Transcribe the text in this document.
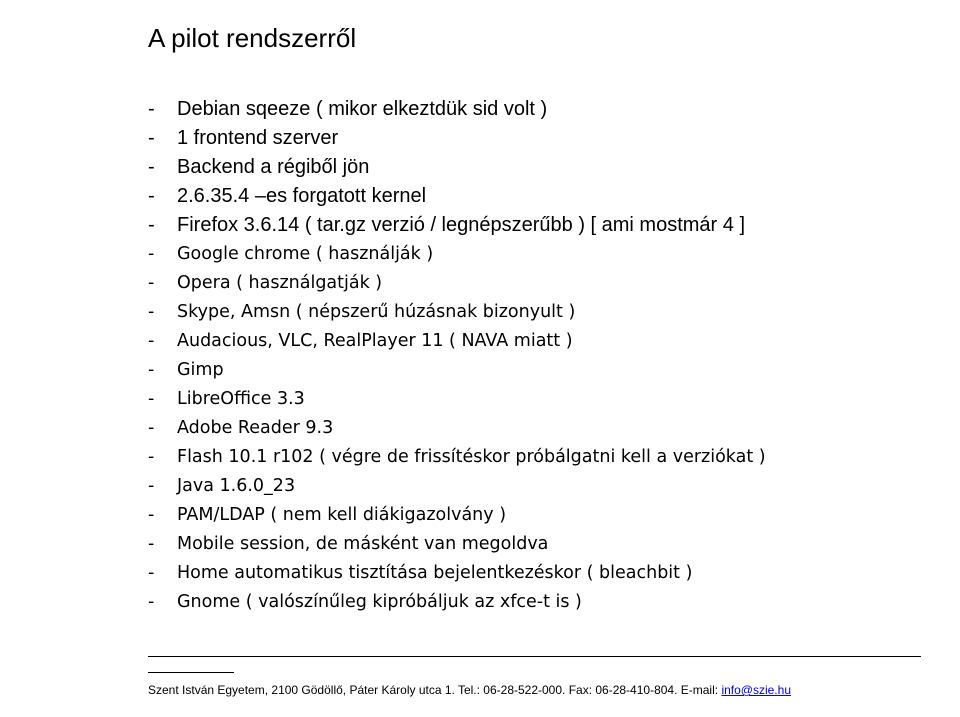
A pilot rendszerről
-	Debian sqeeze ( mikor elkeztdük sid volt )
-	1 frontend szerver
-	Backend a régiből jön
-	2.6.35.4 –es forgatott kernel
-	Firefox 3.6.14 ( tar.gz verzió / legnépszerűbb ) [ ami mostmár 4 ]
-	Google chrome ( használják )
-	Opera ( használgatják )
-	Skype, Amsn ( népszerű húzásnak bizonyult )
-	Audacious, VLC, RealPlayer 11 ( NAVA miatt )
-	Gimp
-	LibreOffice 3.3
-	Adobe Reader 9.3
-	Flash 10.1 r102 ( végre de frissítéskor próbálgatni kell a verziókat )
-	Java 1.6.0_23
-	PAM/LDAP ( nem kell diákigazolvány )
-	Mobile session, de másként van megoldva
-	Home automatikus tisztítása bejelentkezéskor ( bleachbit )
-	Gnome ( valószínűleg kipróbáljuk az xfce-t is )
Szent István Egyetem, 2100 Gödöllő, Páter Károly utca 1. Tel.: 06-28-522-000. Fax: 06-28-410-804. E-mail: info@szie.hu
